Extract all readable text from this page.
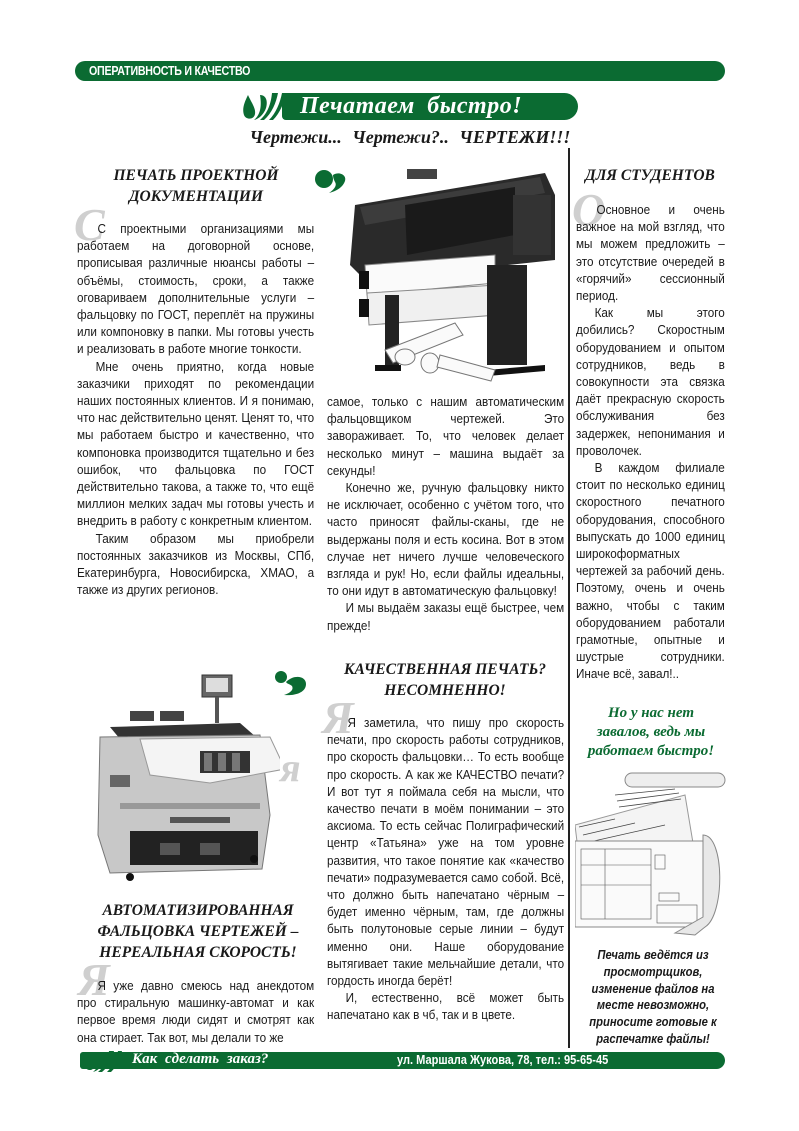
ОПЕРАТИВНОСТЬ И КАЧЕСТВО
Печатаем быстро!
Чертежи... Чертежи?.. ЧЕРТЕЖИ!!!
ПЕЧАТЬ ПРОЕКТНОЙ
ДОКУМЕНТАЦИИ
С

С проектными организациями мы работаем на договорной основе, прописывая различные нюансы работы – объёмы, стоимость, сроки, а также оговариваем дополнительные услуги – фальцовку по ГОСТ, переплёт на пружины или компоновку в папки. Мы готовы учесть и реализовать в работе многие тонкости.

Мне очень приятно, когда новые заказчики приходят по рекомендации наших постоянных клиентов. И я понимаю, что нас действительно ценят. Ценят то, что мы работаем быстро и качественно, что компоновка производится тщательно и без ошибок, что фальцовка по ГОСТ действительно такова, а также то, что ещё миллион мелких задач мы готовы учесть и внедрить в работу с конкретным клиентом.

Таким образом мы приобрели постоянных заказчиков из Москвы, СПб, Екатеринбурга, Новосибирска, ХМАО, а также из других регионов.

я
АВТОМАТИЗИРОВАННАЯ
ФАЛЬЦОВКА ЧЕРТЕЖЕЙ –
НЕРЕАЛЬНАЯ СКОРОСТЬ!
Я

Я уже давно смеюсь над анекдотом про стиральную машинку-автомат и как первое время люди сидят и смотрят как она стирает. Так вот, мы делали то же

самое, только с нашим автоматическим фальцовщиком чертежей. Это завораживает. То, что человек делает несколько минут – машина выдаёт за секунды!

Конечно же, ручную фальцовку никто не исключает, особенно с учётом того, что часто приносят файлы-сканы, где не выдержаны поля и есть косина. Вот в этом случае нет ничего лучше человеческого взгляда и рук! Но, если файлы идеальны, то они идут в автоматическую фальцовку!

И мы выдаём заказы ещё быстрее, чем прежде!

КАЧЕСТВЕННАЯ ПЕЧАТЬ?
НЕСОМНЕННО!
Я

Я заметила, что пишу про скорость печати, про скорость работы сотрудников, про скорость фальцовки… То есть вообще про скорость. А как же КАЧЕСТВО печати? И вот тут я поймала себя на мысли, что качество печати в моём понимании – это аксиома. То есть сейчас Полиграфический центр «Татьяна» уже на том уровне развития, что такое понятие как «качество печати» подразумевается само собой. Всё, что должно быть напечатано чёрным – будет именно чёрным, там, где должны быть полутоновые серые линии – будут именно они. Наше оборудование вытягивает такие мельчайшие детали, что гордость иногда берёт!

И, естественно, всё может быть напечатано как в чб, так и в цвете.

ДЛЯ СТУДЕНТОВ
О

Основное и очень важное на мой взгляд, что мы можем предложить – это отсутствие очередей в «горячий» сессионный период.

Как мы этого добились? Скоростным оборудованием и опытом сотрудников, ведь в совокупности эта связка даёт прекрасную скорость обслуживания без задержек, непонимания и проволочек.

В каждом филиале стоит по несколько единиц скоростного печатного оборудования, способного выпускать до 1000 единиц широкоформатных чертежей за рабочий день. Поэтому, очень и очень важно, чтобы с таким оборудованием работали грамотные, опытные и шустрые сотрудники. Иначе всё, завал!..

Но у нас нет
завалов, ведь мы
работаем быстро!
Печать ведётся из просмотрщиков, изменение файлов на месте невозможно, приносите готовые к распечатке файлы!
Как сделать заказ?	ул. Маршала Жукова, 78, тел.: 95-65-45
